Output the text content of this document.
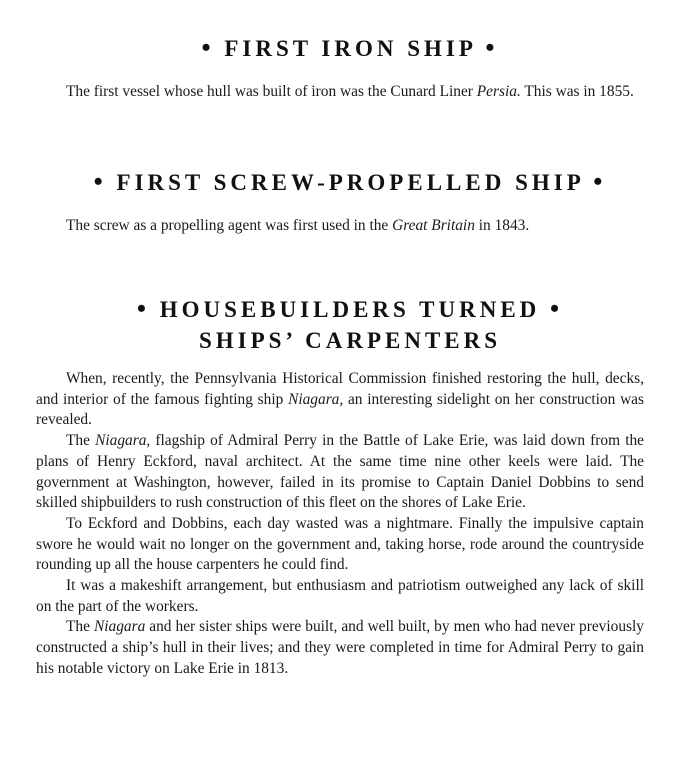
• FIRST IRON SHIP •

The first vessel whose hull was built of iron was the Cunard Liner Persia. This was in 1855.

• FIRST SCREW-PROPELLED SHIP •

The screw as a propelling agent was first used in the Great Britain in 1843.

• HOUSEBUILDERS TURNED •
SHIPS’ CARPENTERS

When, recently, the Pennsylvania Historical Commission finished restoring the hull, decks, and interior of the famous fighting ship Niagara, an interesting sidelight on her construction was revealed.

The Niagara, flagship of Admiral Perry in the Battle of Lake Erie, was laid down from the plans of Henry Eckford, naval architect. At the same time nine other keels were laid. The government at Washington, however, failed in its promise to Captain Daniel Dobbins to send skilled shipbuilders to rush construction of this fleet on the shores of Lake Erie.

To Eckford and Dobbins, each day wasted was a nightmare. Finally the impulsive captain swore he would wait no longer on the government and, taking horse, rode around the countryside rounding up all the house carpenters he could find.

It was a makeshift arrangement, but enthusiasm and patriotism outweighed any lack of skill on the part of the workers.

The Niagara and her sister ships were built, and well built, by men who had never previously constructed a ship’s hull in their lives; and they were completed in time for Admiral Perry to gain his notable victory on Lake Erie in 1813.
